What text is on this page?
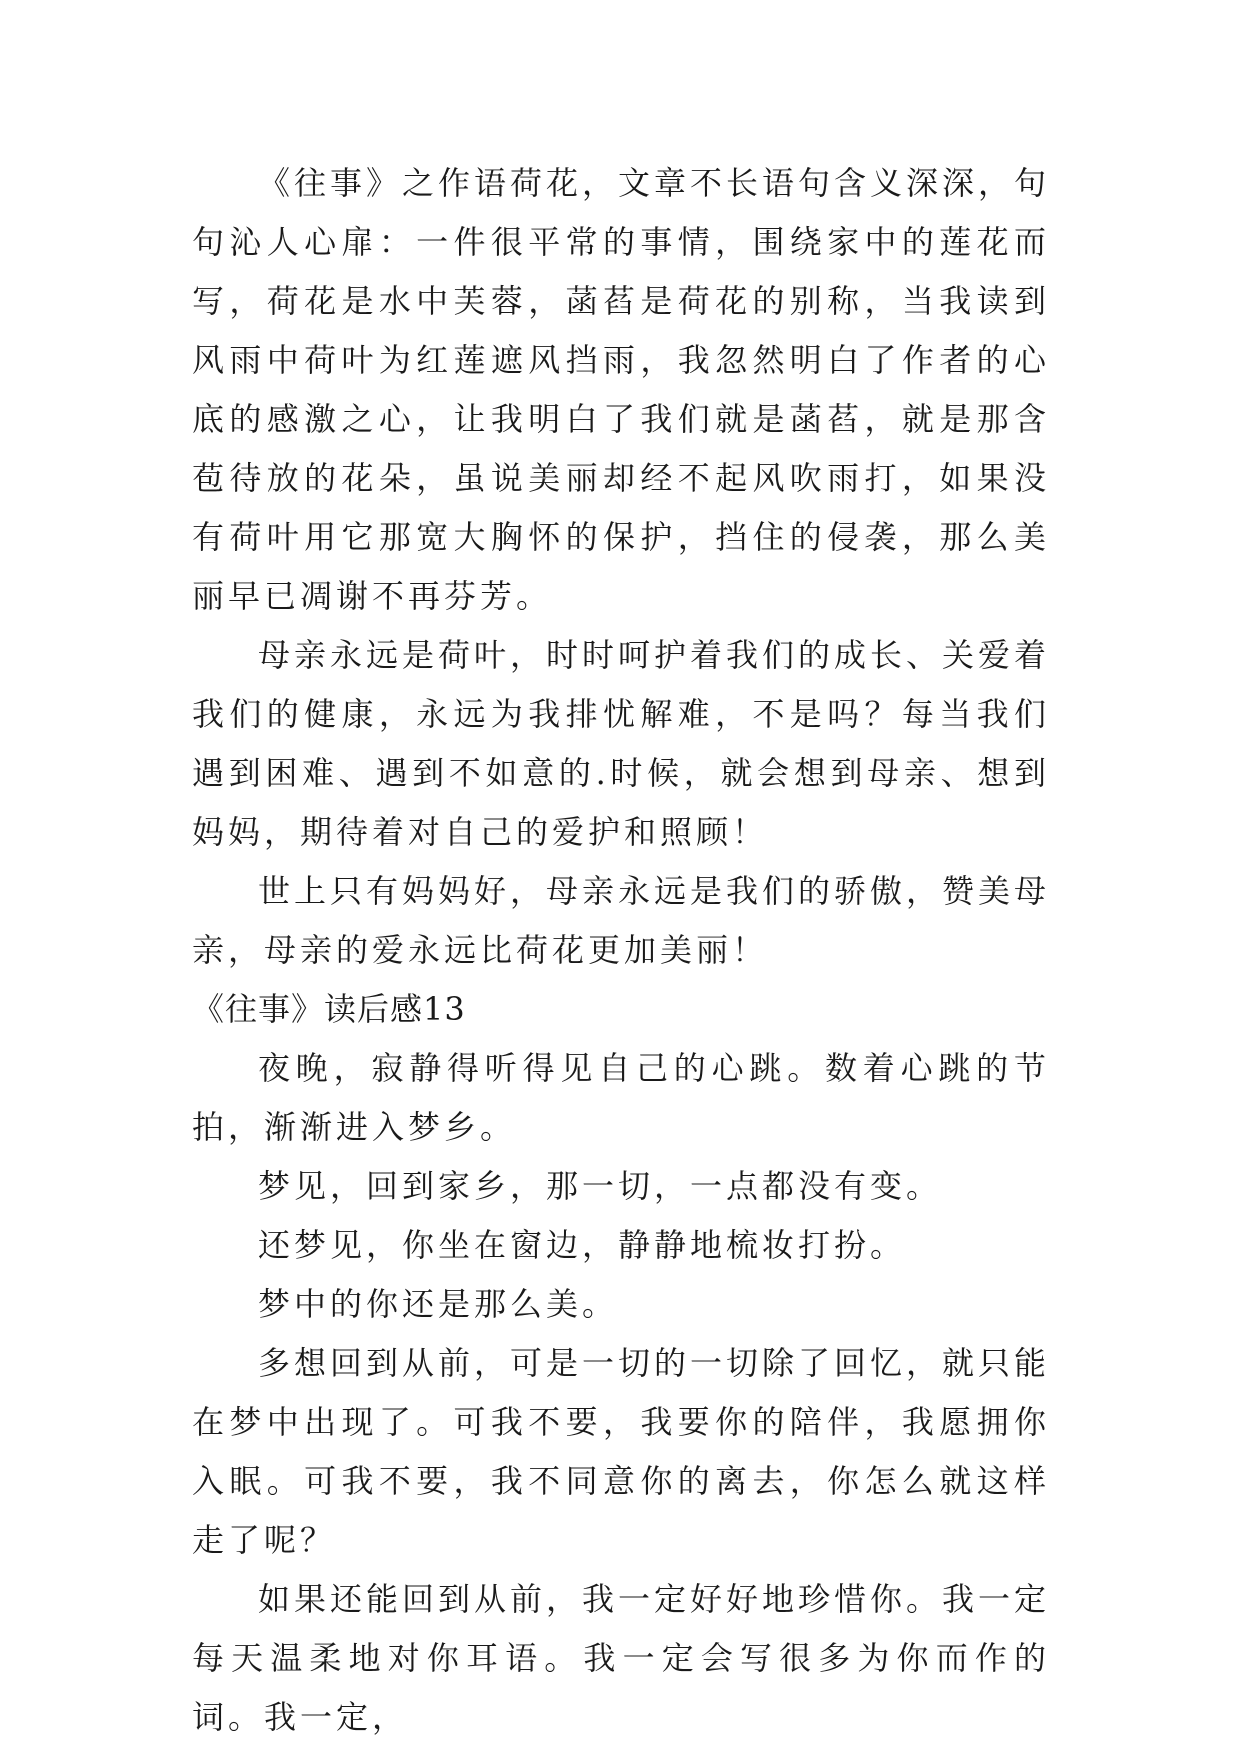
《往事》之作语荷花，文章不长语句含义深深，句句沁人心扉：一件很平常的事情，围绕家中的莲花而写，荷花是水中芙蓉，菡萏是荷花的别称，当我读到风雨中荷叶为红莲遮风挡雨，我忽然明白了作者的心底的感激之心，让我明白了我们就是菡萏，就是那含苞待放的花朵，虽说美丽却经不起风吹雨打，如果没有荷叶用它那宽大胸怀的保护，挡住的侵袭，那么美丽早已凋谢不再芬芳。

母亲永远是荷叶，时时呵护着我们的成长、关爱着我们的健康，永远为我排忧解难，不是吗？每当我们遇到困难、遇到不如意的.时候，就会想到母亲、想到妈妈，期待着对自己的爱护和照顾！

世上只有妈妈好，母亲永远是我们的骄傲，赞美母亲，母亲的爱永远比荷花更加美丽！

《往事》读后感13

夜晚，寂静得听得见自己的心跳。数着心跳的节拍，渐渐进入梦乡。

梦见，回到家乡，那一切，一点都没有变。

还梦见，你坐在窗边，静静地梳妆打扮。

梦中的你还是那么美。

多想回到从前，可是一切的一切除了回忆，就只能在梦中出现了。可我不要，我要你的陪伴，我愿拥你入眠。可我不要，我不同意你的离去，你怎么就这样走了呢？

如果还能回到从前，我一定好好地珍惜你。我一定每天温柔地对你耳语。我一定会写很多为你而作的词。我一定，
